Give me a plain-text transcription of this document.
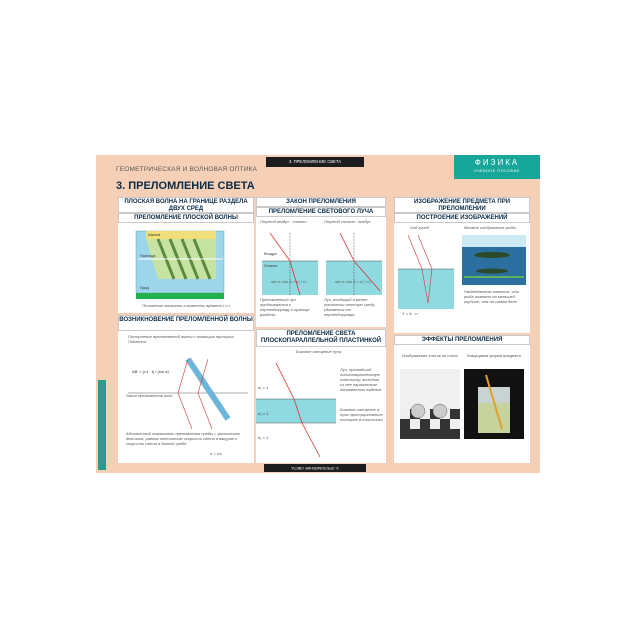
ГЕОМЕТРИЧЕСКАЯ И ВОЛНОВАЯ ОПТИКА
3. ПРЕЛОМЛЕНИЕ СВЕТА	ФИЗИКА
УЧЕБНОЕ ПОСОБИЕ
3. ПРЕЛОМЛЕНИЕ СВЕТА
ПЛОСКАЯ ВОЛНА НА ГРАНИЦЕ РАЗДЕЛА ДВУХ СРЕД
ПРЕЛОМЛЕНИЕ ПЛОСКОЙ ВОЛНЫ
Шкала
Граница
Грид
Положение мелкания в моменты времени t и t
ВОЗНИКНОВЕНИЕ ПРЕЛОМЛЕННОЙ ВОЛНЫ
Построение преломленной волны с помощью принципа Гюйгенса
AB' = (v1 · t) / (sin α)
Закон преломления волн
Абсолютный показатель преломления среды = физическая величина, равная отношению скорости света в вакууме к скорости света в данной среде
n = c/v
ЗАКОН ПРЕЛОМЛЕНИЯ
ПРЕЛОМЛЕНИЕ СВЕТОВОГО ЛУЧА
Переход воздух - стекло	Переход стекло - воздух
Воздух
Стекло
sin α / sin β = n₂ / n₁	sin α / sin β = n₂ / n₁
Преломленный луч приближается к перпендикуляру к границе раздела
Луч, входящий в менее оптически плотную среду, удаляется от перпендикуляра
ПРЕЛОМЛЕНИЕ СВЕТА ПЛОСКОПАРАЛЛЕЛЬНОЙ ПЛАСТИНКОЙ
Боковое смещение луча
n₁ = 1
n₂ > 1
n₁ = 1
Луч, прошедший плоскопараллельную пластинку, выходит из нее параллельно направлению падения
Боковое смещение d луча пропорционально толщине d пластинки
ИЗОБРАЖЕНИЕ ПРЕДМЕТА ПРИ ПРЕЛОМЛЕНИИ
ПОСТРОЕНИЕ ИЗОБРАЖЕНИЙ
Ход лучей	Мнимое изображение рыбы
Y = X · n
Наблюдателю кажется, что рыба плавает на меньшей глубине, чем на самом деле
ЭФФЕКТЫ ПРЕЛОМЛЕНИЯ
Изображение клеток на столе Кажущаяся форма предмета
3. ПРЕЛОМЛЕНИЕ СВЕТА
